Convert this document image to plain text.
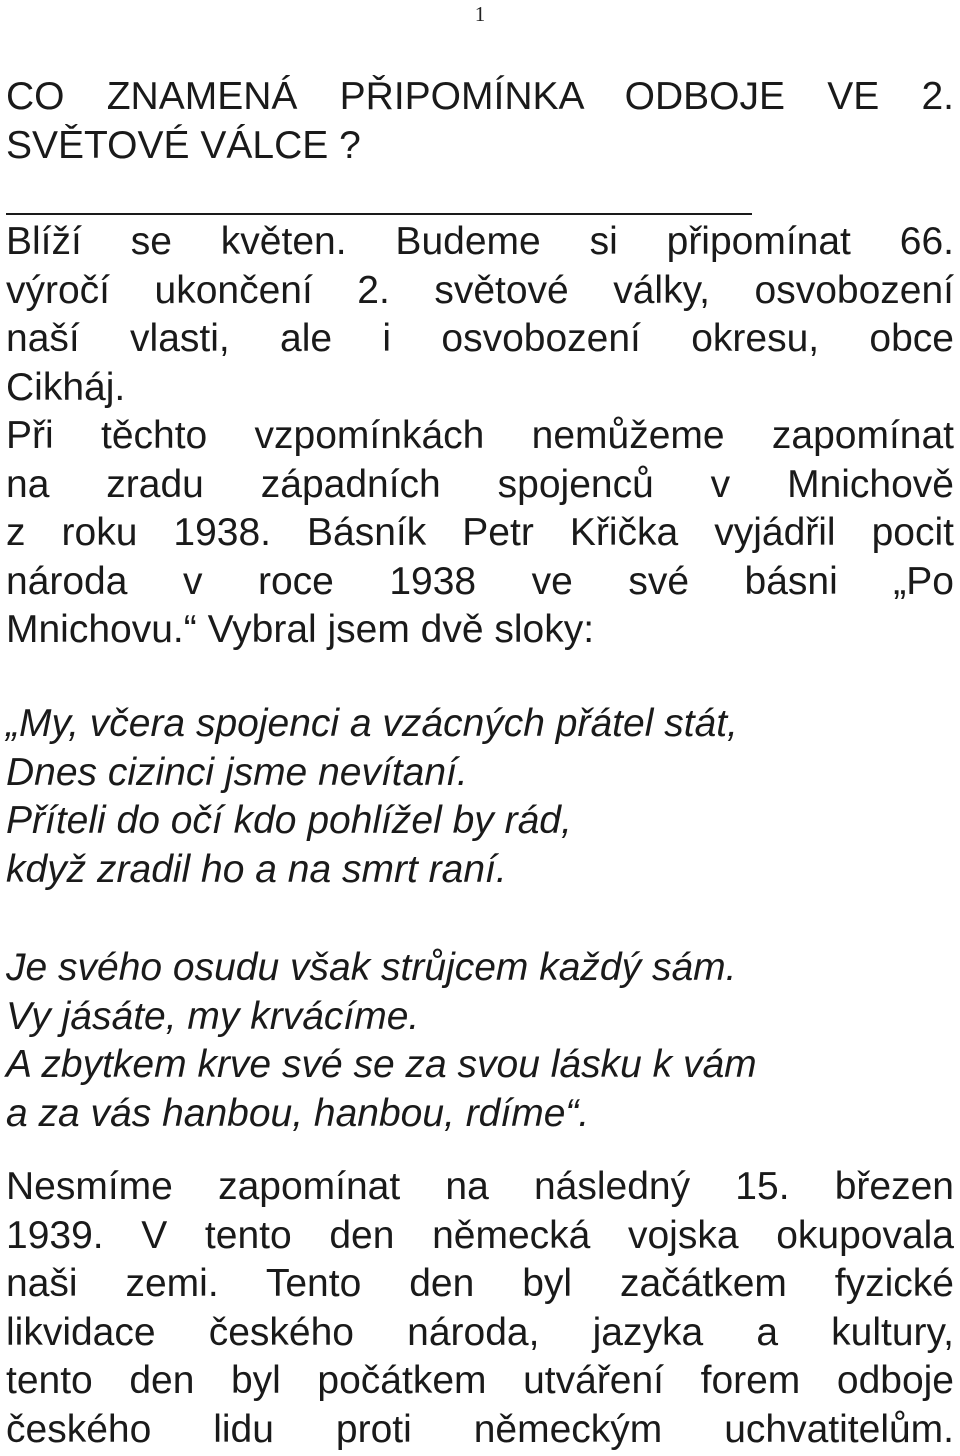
1
CO ZNAMENÁ PŘIPOMÍNKA ODBOJE VE 2.
SVĚTOVÉ VÁLCE ?
Blíží se květen. Budeme si připomínat 66.
výročí ukončení 2. světové války, osvobození
naší vlasti, ale i osvobození okresu, obce
Cikháj.
Při těchto vzpomínkách nemůžeme zapomínat
na zradu západních spojenců v Mnichově
z roku 1938. Básník Petr Křička vyjádřil pocit
národa v roce 1938 ve své básni „Po
Mnichovu.“ Vybral jsem dvě sloky:
„My, včera spojenci a vzácných přátel stát,
Dnes cizinci jsme nevítaní.
Příteli do očí kdo pohlížel by rád,
když zradil ho a na smrt raní.
Je svého osudu však strůjcem každý sám.
Vy jásáte, my krvácíme.
A zbytkem krve své se za svou lásku k vám
a za vás hanbou, hanbou, rdíme“.
Nesmíme zapomínat na následný 15. březen
1939. V tento den německá vojska okupovala
naši zemi. Tento den byl začátkem fyzické
likvidace českého národa, jazyka a kultury,
tento den byl počátkem utváření forem odboje
českého lidu proti německým uchvatitelům.
